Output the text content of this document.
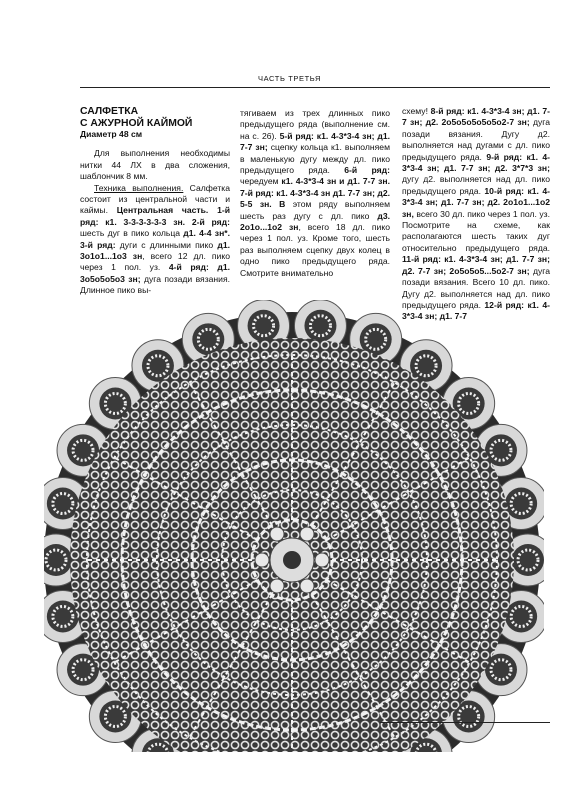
ЧАСТЬ ТРЕТЬЯ

САЛФЕТКА

С АЖУРНОЙ КАЙМОЙ

Диаметр 48 см

Для выполнения необходимы нитки 44 ЛХ в два сложения, шаблончик 8 мм.

Техника выполнения. Салфетка состоит из центральной части и каймы. Центральная часть. 1-й ряд: к1. 3-3-3-3-3-3 зн. 2-й ряд: шесть дуг в пико кольца д1. 4-4 зн*. 3-й ряд: дуги с длинными пико д1. 3о1о1...1о3 зн, всего 12 дл. пико через 1 пол. уз. 4-й ряд: д1. 3о5о5о5о3 зн; дуга позади вязания. Длинное пико вы-

тягиваем из трех длинных пико предыдущего ряда (выполнение см. на с. 26). 5-й ряд: к1. 4-3*3-4 зн; д1. 7-7 зн; сцепку кольца к1. выполняем в маленькую дугу между дл. пико предыдущего ряда. 6-й ряд: чередуем к1. 4-3*3-4 зн и д1. 7-7 зн. 7-й ряд: к1. 4-3*3-4 зн д1. 7-7 зн; д2. 5-5 зн. В этом ряду выполняем шесть раз дугу с дл. пико д3. 2о1о...1о2 зн, всего 18 дл. пико через 1 пол. уз. Кроме того, шесть раз выполняем сцепку двух колец в одно пико предыдущего ряда. Смотрите внимательно

схему! 8-й ряд: к1. 4-3*3-4 зн; д1. 7-7 зн; д2. 2о5о5о5о5о5о2-7 зн; дуга позади вязания. Дугу д2. выполняется над дугами с дл. пико предыдущего ряда. 9-й ряд: к1. 4-3*3-4 зн; д1. 7-7 зн; д2. 3*7*3 зн; дугу д2. выполняется над дл. пико предыдущего ряда. 10-й ряд: к1. 4-3*3-4 зн; д1. 7-7 зн; д2. 2о1о1...1о2 зн, всего 30 дл. пико через 1 пол. уз. Посмотрите на схеме, как располагаются шесть таких дуг относительно предыдущего ряда. 11-й ряд: к1. 4-3*3-4 зн; д1. 7-7 зн; д2. 7-7 зн; 2о5о5о5...5о2-7 зн; дуга позади вязания. Всего 10 дл. пико. Дугу д2. выполняется над дл. пико предыдущего ряда. 12-й ряд: к1. 4-3*3-4 зн; д1. 7-7
